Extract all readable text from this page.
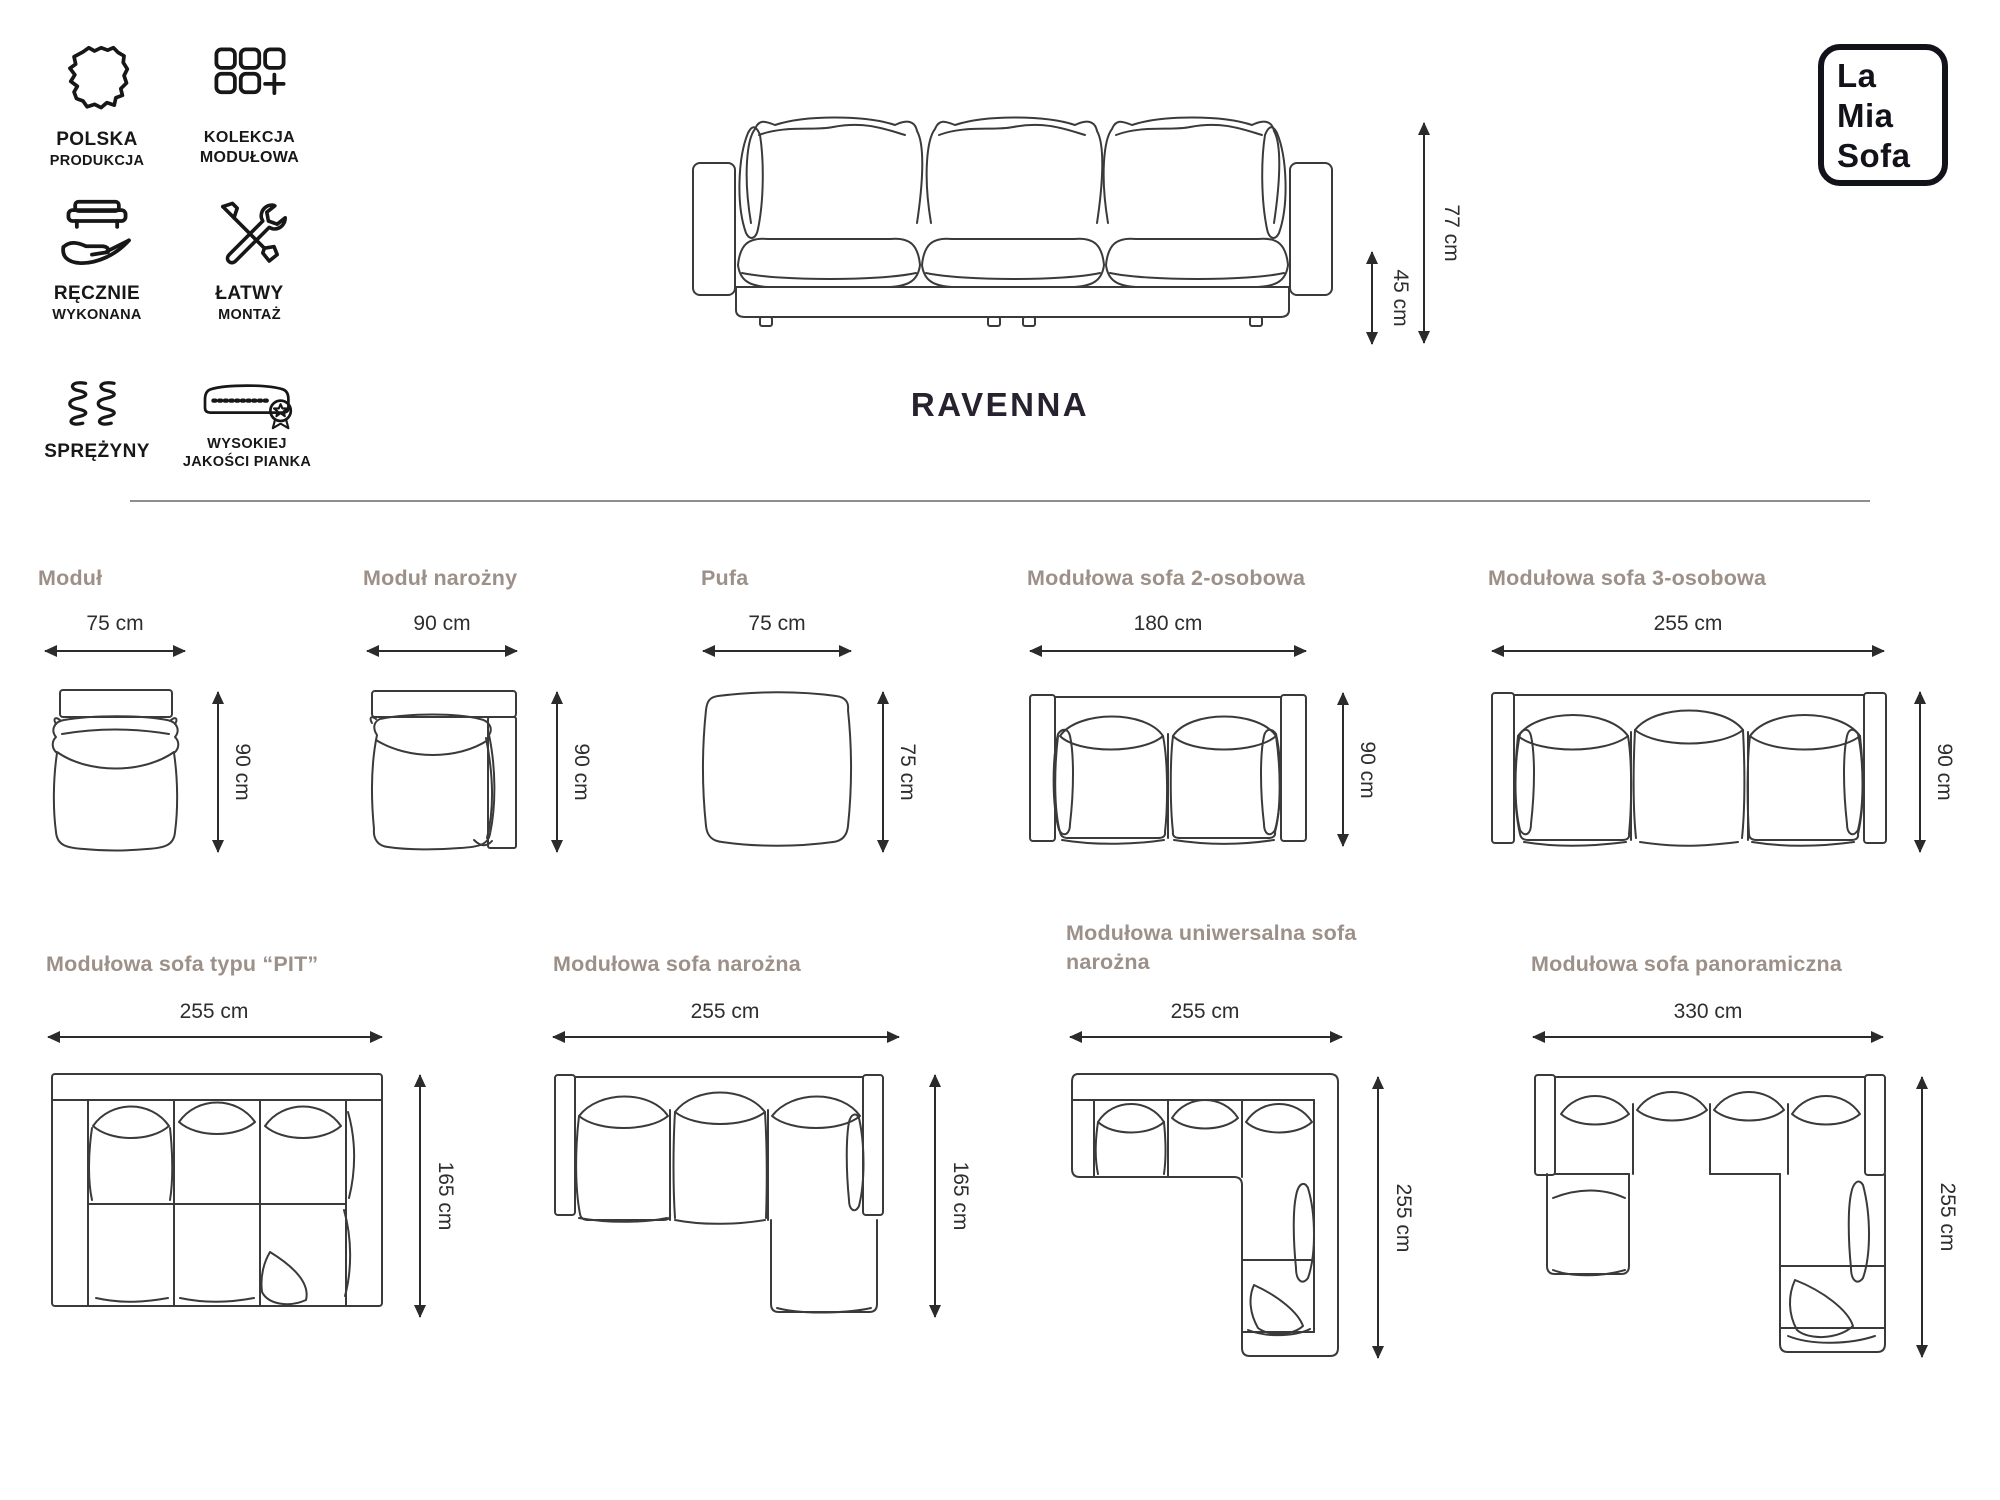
POLSKA
PRODUKCJA
KOLEKCJA
MODUŁOWA
RĘCZNIE
WYKONANA
ŁATWY
MONTAŻ
SPRĘŻYNY	WYSOKIEJ
JAKOŚCI PIANKA
La
Mia
Sofa
77 cm
45 cm
RAVENNA
Moduł
75 cm
90 cm
Moduł narożny
90 cm
90 cm
Pufa
75 cm
75 cm
Modułowa sofa 2-osobowa
180 cm
90 cm
Modułowa sofa 3-osobowa
255 cm
90 cm
Modułowa sofa typu “PIT”
255 cm
165 cm
Modułowa sofa narożna
255 cm
165 cm
Modułowa uniwersalna sofa narożna
255 cm
255 cm
Modułowa sofa panoramiczna
330 cm
255 cm
